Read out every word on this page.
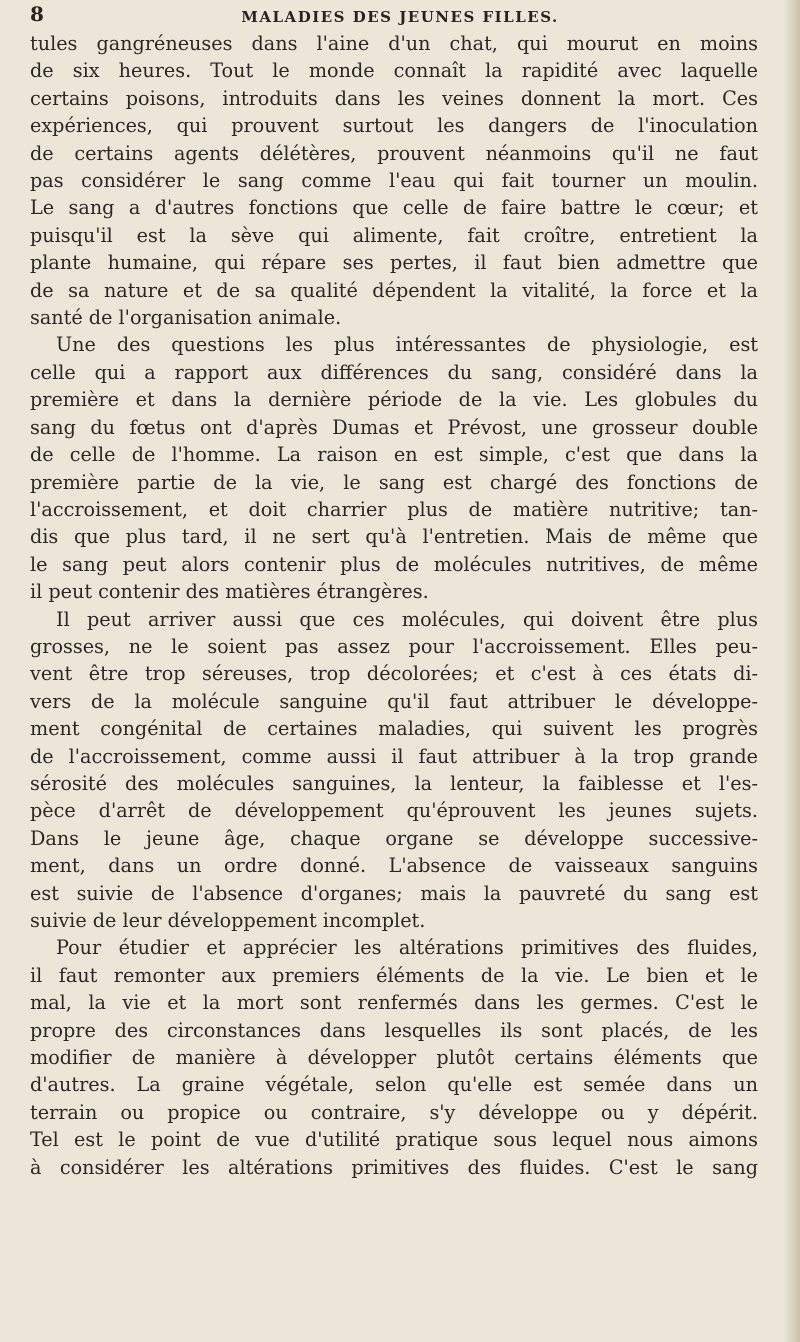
8	MALADIES DES JEUNES FILLES.

tules gangréneuses dans l'aine d'un chat, qui mourut en moins
de six heures. Tout le monde connaît la rapidité avec laquelle
certains poisons, introduits dans les veines donnent la mort. Ces
expériences, qui prouvent surtout les dangers de l'inoculation
de certains agents délétères, prouvent néanmoins qu'il ne faut
pas considérer le sang comme l'eau qui fait tourner un moulin.
Le sang a d'autres fonctions que celle de faire battre le cœur; et
puisqu'il est la sève qui alimente, fait croître, entretient la
plante humaine, qui répare ses pertes, il faut bien admettre que
de sa nature et de sa qualité dépendent la vitalité, la force et la
santé de l'organisation animale.

Une des questions les plus intéressantes de physiologie, est
celle qui a rapport aux différences du sang, considéré dans la
première et dans la dernière période de la vie. Les globules du
sang du fœtus ont d'après Dumas et Prévost, une grosseur double
de celle de l'homme. La raison en est simple, c'est que dans la
première partie de la vie, le sang est chargé des fonctions de
l'accroissement, et doit charrier plus de matière nutritive; tan-
dis que plus tard, il ne sert qu'à l'entretien. Mais de même que
le sang peut alors contenir plus de molécules nutritives, de même
il peut contenir des matières étrangères.

Il peut arriver aussi que ces molécules, qui doivent être plus
grosses, ne le soient pas assez pour l'accroissement. Elles peu-
vent être trop séreuses, trop décolorées; et c'est à ces états di-
vers de la molécule sanguine qu'il faut attribuer le développe-
ment congénital de certaines maladies, qui suivent les progrès
de l'accroissement, comme aussi il faut attribuer à la trop grande
sérosité des molécules sanguines, la lenteur, la faiblesse et l'es-
pèce d'arrêt de développement qu'éprouvent les jeunes sujets.
Dans le jeune âge, chaque organe se développe successive-
ment, dans un ordre donné. L'absence de vaisseaux sanguins
est suivie de l'absence d'organes; mais la pauvreté du sang est
suivie de leur développement incomplet.

Pour étudier et apprécier les altérations primitives des fluides,
il faut remonter aux premiers éléments de la vie. Le bien et le
mal, la vie et la mort sont renfermés dans les germes. C'est le
propre des circonstances dans lesquelles ils sont placés, de les
modifier de manière à développer plutôt certains éléments que
d'autres. La graine végétale, selon qu'elle est semée dans un
terrain ou propice ou contraire, s'y développe ou y dépérit.
Tel est le point de vue d'utilité pratique sous lequel nous aimons
à considérer les altérations primitives des fluides. C'est le sang
